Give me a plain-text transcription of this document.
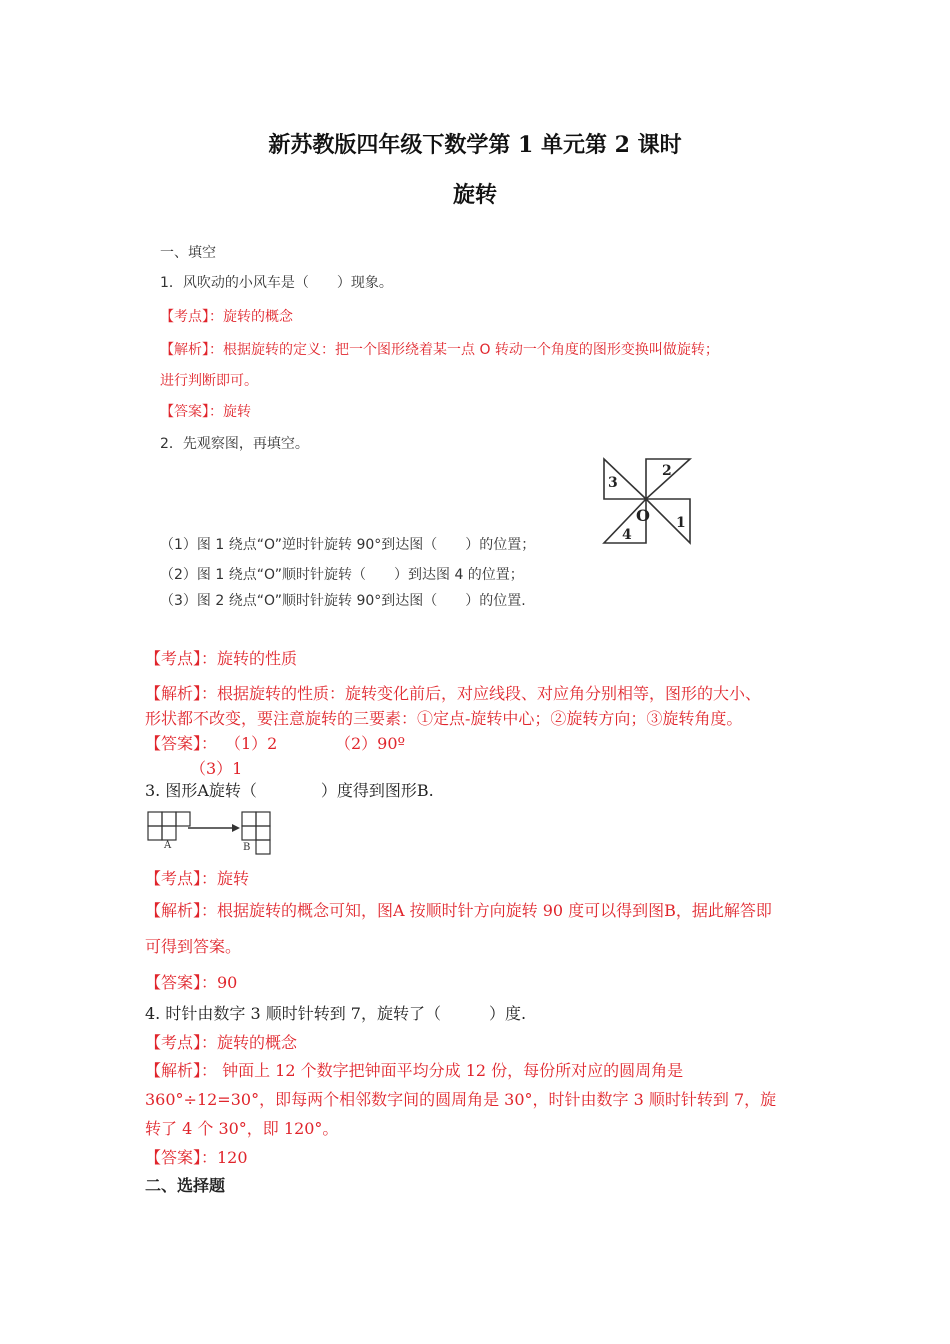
新苏教版四年级下数学第 1 单元第 2 课时
旋转
一、填空
1．风吹动的小风车是（　　）现象。
【考点】：旋转的概念
【解析】：根据旋转的定义：把一个图形绕着某一点 O 转动一个角度的图形变换叫做旋转；
进行判断即可。
【答案】：旋转
2．先观察图，再填空。
2
3
4
1
O
（1）图 1 绕点“O”逆时针旋转 90°到达图（　　）的位置；
（2）图 1 绕点“O”顺时针旋转（　　）到达图 4 的位置；
（3）图 2 绕点“O”顺时针旋转 90°到达图（　　）的位置.
【考点】：旋转的性质
【解析】：根据旋转的性质：旋转变化前后，对应线段、对应角分别相等，图形的大小、
形状都不改变，要注意旋转的三要素：①定点-旋转中心；②旋转方向；③旋转角度。
【答案】： （1）2	（2）90º
（3）1
3. 图形A旋转（　　　　）度得到图形B.
A	B
【考点】：旋转
【解析】：根据旋转的概念可知，图A 按顺时针方向旋转 90 度可以得到图B，据此解答即
可得到答案。
【答案】：90
4. 时针由数字 3 顺时针转到 7，旋转了（　　　）度.
【考点】：旋转的概念
【解析】： 钟面上 12 个数字把钟面平均分成 12 份，每份所对应的圆周角是
360°÷12=30°，即每两个相邻数字间的圆周角是 30°，时针由数字 3 顺时针转到 7，旋
转了 4 个 30°，即 120°。
【答案】：120
二、选择题
